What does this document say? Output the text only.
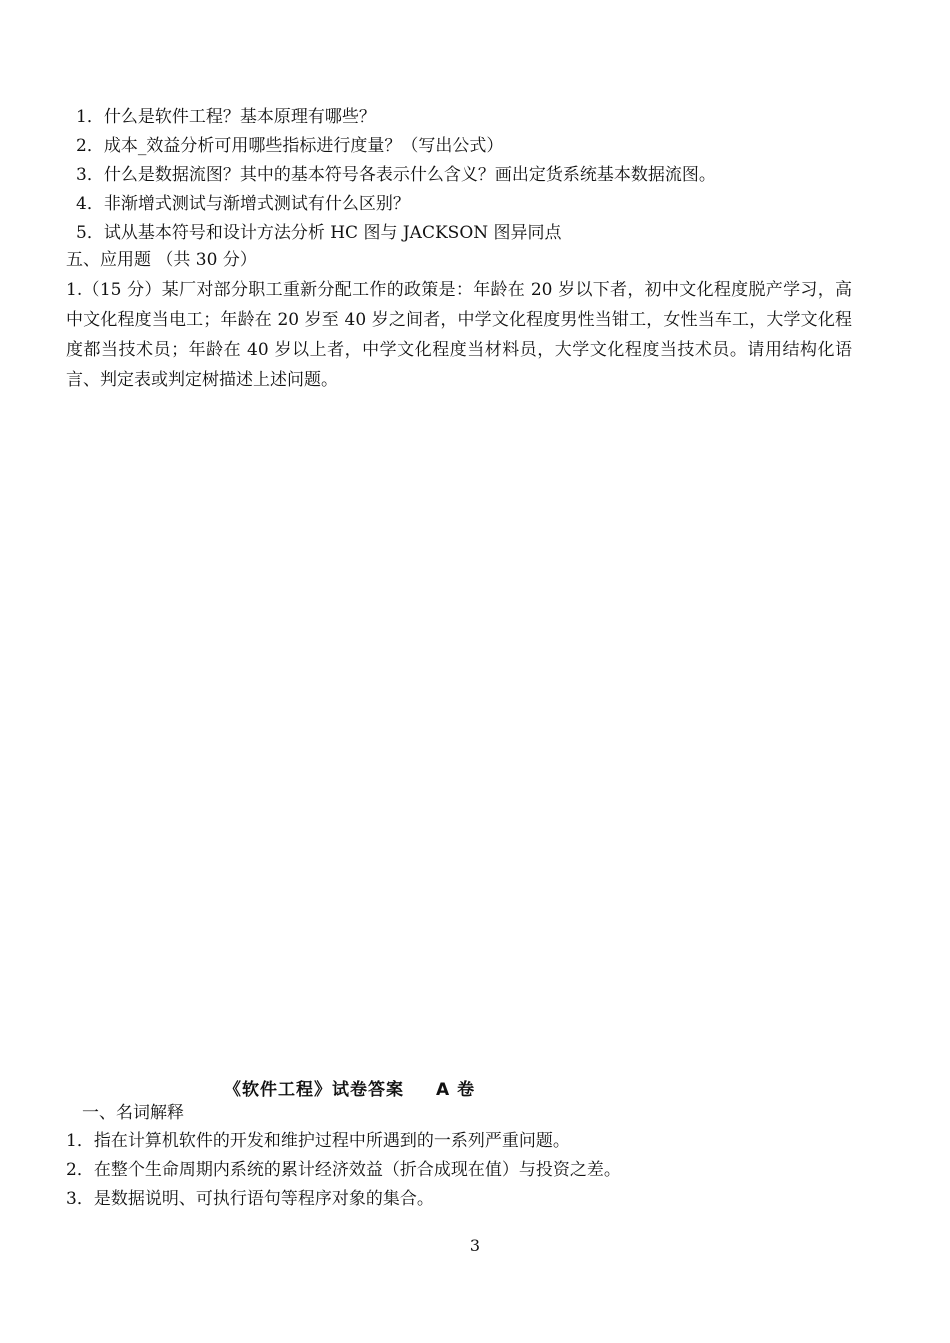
1．什么是软件工程？基本原理有哪些？
2．成本_效益分析可用哪些指标进行度量？（写出公式）
3．什么是数据流图？其中的基本符号各表示什么含义？画出定货系统基本数据流图。
4．非渐增式测试与渐增式测试有什么区别？
5．试从基本符号和设计方法分析 HC 图与 JACKSON 图异同点
五、应用题 （共 30 分）
1.（15 分）某厂对部分职工重新分配工作的政策是：年龄在 20 岁以下者，初中文化程度脱产学习，高中文化程度当电工；年龄在 20 岁至 40 岁之间者，中学文化程度男性当钳工，女性当车工，大学文化程度都当技术员；年龄在 40 岁以上者，中学文化程度当材料员，大学文化程度当技术员。请用结构化语言、判定表或判定树描述上述问题。
《软件工程》试卷答案 A 卷
一、名词解释
1．指在计算机软件的开发和维护过程中所遇到的一系列严重问题。
2．在整个生命周期内系统的累计经济效益（折合成现在值）与投资之差。
3．是数据说明、可执行语句等程序对象的集合。
3
